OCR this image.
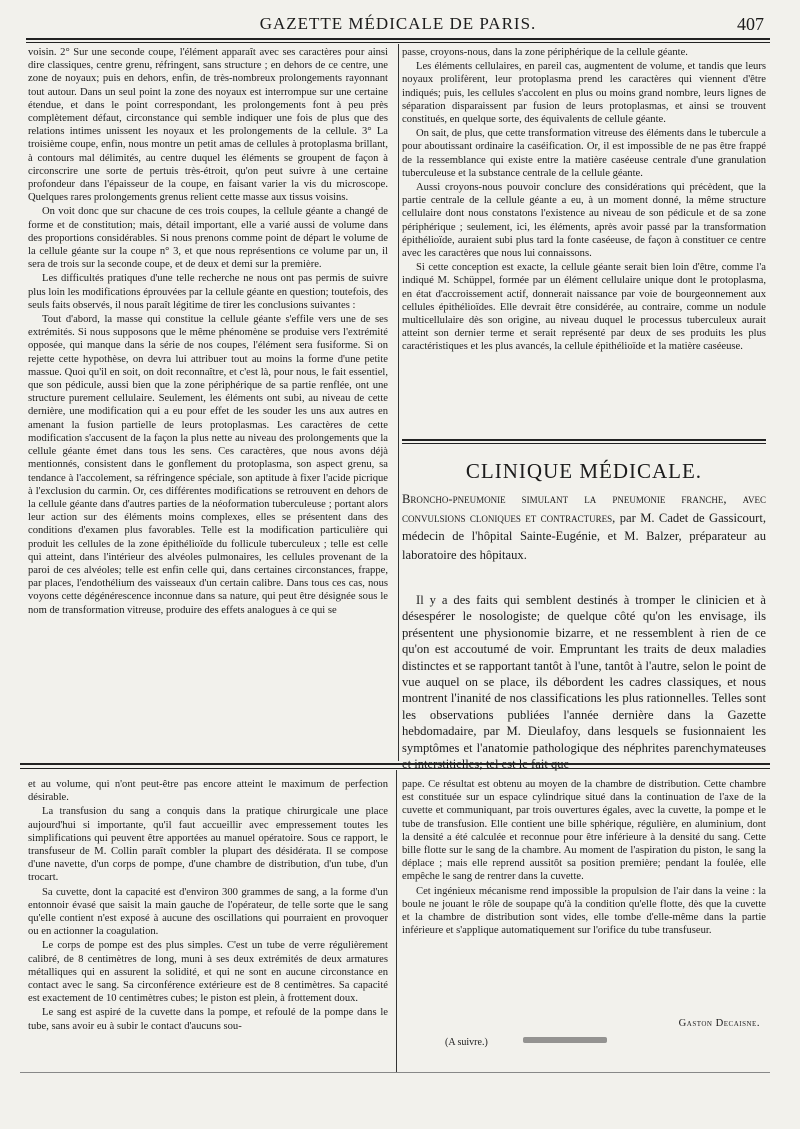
GAZETTE MÉDICALE DE PARIS.	407

voisin. 2° Sur une seconde coupe, l'élément apparaît avec ses caractères pour ainsi dire classiques, centre grenu, réfringent, sans structure ; en dehors de ce centre, une zone de noyaux; puis en dehors, enfin, de très-nombreux prolongements rayonnant tout autour. Dans un seul point la zone des noyaux est interrompue sur une certaine étendue, et dans le point correspondant, les prolongements font à peu près complètement défaut, circonstance qui semble indiquer une fois de plus que des relations intimes unissent les noyaux et les prolongements de la cellule. 3° La troisième coupe, enfin, nous montre un petit amas de cellules à protoplasma brillant, à contours mal délimités, au centre duquel les éléments se groupent de façon à circonscrire une sorte de pertuis très-étroit, qu'on peut suivre à une certaine profondeur dans l'épaisseur de la coupe, en faisant varier la vis du microscope. Quelques rares prolongements grenus relient cette masse aux tissus voisins.

On voit donc que sur chacune de ces trois coupes, la cellule géante a changé de forme et de constitution; mais, détail important, elle a varié aussi de volume dans des proportions considérables. Si nous prenons comme point de départ le volume de la cellule géante sur la coupe n° 3, et que nous représentions ce volume par un, il sera de trois sur la seconde coupe, et de deux et demi sur la première.

Les difficultés pratiques d'une telle recherche ne nous ont pas permis de suivre plus loin les modifications éprouvées par la cellule géante en question; toutefois, des seuls faits observés, il nous paraît légitime de tirer les conclusions suivantes :

Tout d'abord, la masse qui constitue la cellule géante s'effile vers une de ses extrémités. Si nous supposons que le même phénomène se produise vers l'extrémité opposée, qui manque dans la série de nos coupes, l'élément sera fusiforme. Si on rejette cette hypothèse, on devra lui attribuer tout au moins la forme d'une petite massue. Quoi qu'il en soit, on doit reconnaître, et c'est là, pour nous, le fait essentiel, que son pédicule, aussi bien que la zone périphérique de sa partie renflée, ont une structure purement cellulaire. Seulement, les éléments ont subi, au niveau de cette dernière, une modification qui a eu pour effet de les souder les uns aux autres en amenant la fusion partielle de leurs protoplasmas. Les caractères de cette modification s'accusent de la façon la plus nette au niveau des prolongements que la cellule géante émet dans tous les sens. Ces caractères, que nous avons déjà mentionnés, consistent dans le gonflement du protoplasma, son aspect grenu, sa tendance à l'accolement, sa réfringence spéciale, son aptitude à fixer l'acide picrique à l'exclusion du carmin. Or, ces différentes modifications se retrouvent en dehors de la cellule géante dans d'autres parties de la néoformation tuberculeuse ; portant alors leur action sur des éléments moins complexes, elles se présentent dans des conditions d'examen plus favorables. Telle est la modification particulière qui produit les cellules de la zone épithélioïde du follicule tuberculeux ; telle est celle qui atteint, dans l'intérieur des alvéoles pulmonaires, les cellules provenant de la paroi de ces alvéoles; telle est enfin celle qui, dans certaines circonstances, frappe, par places, l'endothélium des vaisseaux d'un certain calibre. Dans tous ces cas, nous voyons cette dégénérescence inconnue dans sa nature, qui peut être désignée sous le nom de transformation vitreuse, produire des effets analogues à ce qui se

passe, croyons-nous, dans la zone périphérique de la cellule géante.

Les éléments cellulaires, en pareil cas, augmentent de volume, et tandis que leurs noyaux prolifèrent, leur protoplasma prend les caractères qui viennent d'être indiqués; puis, les cellules s'accolent en plus ou moins grand nombre, leurs lignes de séparation disparaissent par fusion de leurs protoplasmas, et ainsi se trouvent constitués, en quelque sorte, des équivalents de cellule géante.

On sait, de plus, que cette transformation vitreuse des éléments dans le tubercule a pour aboutissant ordinaire la caséification. Or, il est impossible de ne pas être frappé de la ressemblance qui existe entre la matière caséeuse centrale d'une granulation tuberculeuse et la substance centrale de la cellule géante.

Aussi croyons-nous pouvoir conclure des considérations qui précèdent, que la partie centrale de la cellule géante a eu, à un moment donné, la même structure cellulaire dont nous constatons l'existence au niveau de son pédicule et de sa zone périphérique ; seulement, ici, les éléments, après avoir passé par la transformation épithélioïde, auraient subi plus tard la fonte caséeuse, de façon à constituer ce centre avec les caractères que nous lui connaissons.

Si cette conception est exacte, la cellule géante serait bien loin d'être, comme l'a indiqué M. Schüppel, formée par un élément cellulaire unique dont le protoplasma, en état d'accroissement actif, donnerait naissance par voie de bourgeonnement aux cellules épithélioïdes. Elle devrait être considérée, au contraire, comme un nodule multicellulaire dès son origine, au niveau duquel le processus tuberculeux aurait atteint son dernier terme et serait représenté par deux de ses produits les plus caractéristiques et les plus avancés, la cellule épithélioïde et la matière caséeuse.

CLINIQUE MÉDICALE.
Broncho-pneumonie simulant la pneumonie franche, avec convulsions cloniques et contractures, par M. Cadet de Gassicourt, médecin de l'hôpital Sainte-Eugénie, et M. Balzer, préparateur au laboratoire des hôpitaux.

Il y a des faits qui semblent destinés à tromper le clinicien et à désespérer le nosologiste; de quelque côté qu'on les envisage, ils présentent une physionomie bizarre, et ne ressemblent à rien de ce qu'on est accoutumé de voir. Empruntant les traits de deux maladies distinctes et se rapportant tantôt à l'une, tantôt à l'autre, selon le point de vue auquel on se place, ils débordent les cadres classiques, et nous montrent l'inanité de nos classifications les plus rationnelles. Telles sont les observations publiées l'année dernière dans la Gazette hebdomadaire, par M. Dieulafoy, dans lesquels se fusionnaient les symptômes et l'anatomie pathologique des néphrites parenchymateuses et interstitielles; tel est le fait que

et au volume, qui n'ont peut-être pas encore atteint le maximum de perfection désirable.

La transfusion du sang a conquis dans la pratique chirurgicale une place aujourd'hui si importante, qu'il faut accueillir avec empressement toutes les simplifications qui peuvent être apportées au manuel opératoire. Sous ce rapport, le transfuseur de M. Collin paraît combler la plupart des désidérata. Il se compose d'une navette, d'un corps de pompe, d'une chambre de distribution, d'un tube, d'un trocart.

Sa cuvette, dont la capacité est d'environ 300 grammes de sang, a la forme d'un entonnoir évasé que saisit la main gauche de l'opérateur, de telle sorte que le sang qu'elle contient n'est exposé à aucune des oscillations qui pourraient en provoquer ou en actionner la coagulation.

Le corps de pompe est des plus simples. C'est un tube de verre régulièrement calibré, de 8 centimètres de long, muni à ses deux extrémités de deux armatures métalliques qui en assurent la solidité, et qui ne sont en aucune circonstance en contact avec le sang. Sa circonférence extérieure est de 8 centimètres. Sa capacité est exactement de 10 centimètres cubes; le piston est plein, à frottement doux.

Le sang est aspiré de la cuvette dans la pompe, et refoulé de la pompe dans le tube, sans avoir eu à subir le contact d'aucuns sou-

pape. Ce résultat est obtenu au moyen de la chambre de distribution. Cette chambre est constituée sur un espace cylindrique situé dans la continuation de l'axe de la cuvette et communiquant, par trois ouvertures égales, avec la cuvette, la pompe et le tube de transfusion. Elle contient une bille sphérique, régulière, en aluminium, dont la densité a été calculée et reconnue pour être inférieure à la densité du sang. Cette bille flotte sur le sang de la chambre. Au moment de l'aspiration du piston, le sang la déplace ; mais elle reprend aussitôt sa position première; pendant la foulée, elle empêche le sang de rentrer dans la cuvette.

Cet ingénieux mécanisme rend impossible la propulsion de l'air dans la veine : la boule ne jouant le rôle de soupape qu'à la condition qu'elle flotte, dès que la cuvette et la chambre de distribution sont vides, elle tombe d'elle-même dans la partie inférieure et s'applique automatiquement sur l'orifice du tube transfuseur.

Gaston Decaisne.
(A suivre.)
